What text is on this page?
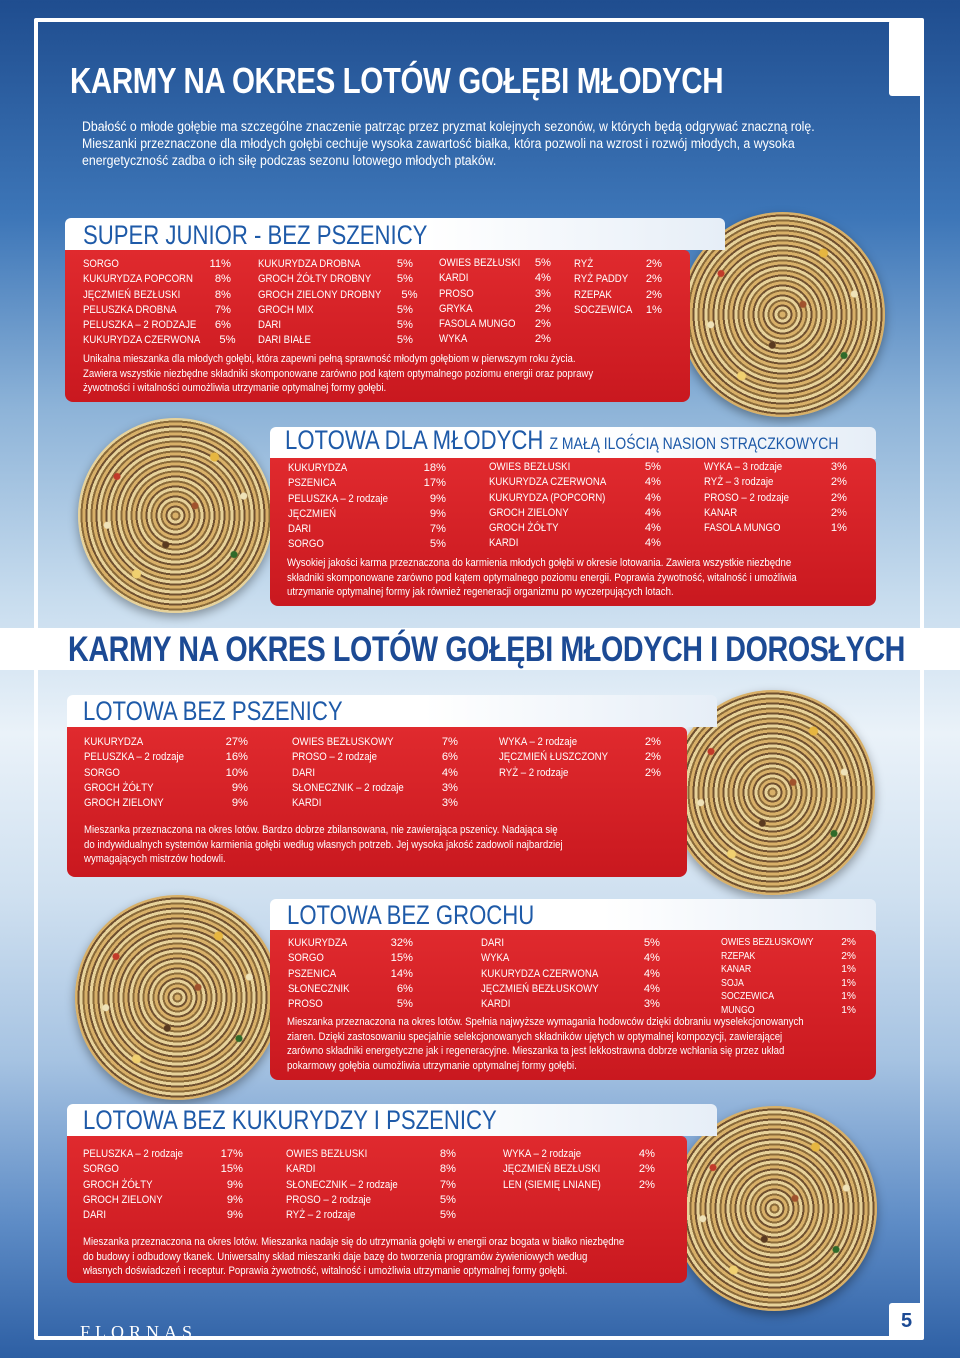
KARMY NA OKRES LOTÓW GOŁĘBI MŁODYCH
Dbałość o młode gołębie ma szczególne znaczenie patrząc przez pryzmat kolejnych sezonów, w których będą odgrywać znaczną rolę.
Mieszanki przeznaczone dla młodych gołębi cechuje wysoka zawartość białka, która pozwoli na wzrost i rozwój młodych, a wysoka
energetyczność zadba o ich siłę podczas sezonu lotowego młodych ptaków.
SUPER JUNIOR - BEZ PSZENICY
SORGO	11%
KUKURYDZA POPCORN 8%
JĘCZMIEŃ BEZŁUSKI	8%
PELUSZKA DROBNA	7%
PELUSZKA – 2 RODZAJE 6%
KUKURYDZA CZERWONA 5%
KUKURYDZA DROBNA	5%
GROCH ŻÓŁTY DROBNY 5%
GROCH ZIELONY DROBNY 5%
GROCH MIX	5%
DARI	5%
DARI BIAŁE	5%
OWIES BEZŁUSKI 5%
KARDI	4%
PROSO	3%
GRYKA	2%
FASOLA MUNGO 2%
WYKA	2%
RYŻ	2%
RYŻ PADDY 2%
RZEPAK	2%
SOCZEWICA 1%
Unikalna mieszanka dla młodych gołębi, która zapewni pełną sprawność młodym gołębiom w pierwszym roku życia.
Zawiera wszystkie niezbędne składniki skomponowane zarówno pod kątem optymalnego poziomu energii oraz poprawy
żywotności i witalności oumożliwia utrzymanie optymalnej formy gołębi.
LOTOWA DLA MŁODYCH Z MAŁĄ ILOŚCIĄ NASION STRĄCZKOWYCH
KUKURYDZA	18%
PSZENICA	17%
PELUSZKA – 2 rodzaje	9%
JĘCZMIEŃ	9%
DARI	7%
SORGO	5%
OWIES BEZŁUSKI	5%
KUKURYDZA CZERWONA	4%
KUKURYDZA (POPCORN)	4%
GROCH ZIELONY	4%
GROCH ŻÓŁTY	4%
KARDI	4%
WYKA – 3 rodzaje	3%
RYŻ – 3 rodzaje	2%
PROSO – 2 rodzaje	2%
KANAR	2%
FASOLA MUNGO	1%
Wysokiej jakości karma przeznaczona do karmienia młodych gołębi w okresie lotowania. Zawiera wszystkie niezbędne
składniki skomponowane zarówno pod kątem optymalnego poziomu energii. Poprawia żywotność, witalność i umożliwia
utrzymanie optymalnej formy jak również regeneracji organizmu po wyczerpujących lotach.
KARMY NA OKRES LOTÓW GOŁĘBI MŁODYCH I DOROSŁYCH
LOTOWA BEZ PSZENICY
KUKURYDZA	27%
PELUSZKA – 2 rodzaje	16%
SORGO	10%
GROCH ŻÓŁTY	9%
GROCH ZIELONY	9%
OWIES BEZŁUSKOWY	7%
PROSO – 2 rodzaje	6%
DARI	4%
SŁONECZNIK – 2 rodzaje	3%
KARDI	3%
WYKA – 2 rodzaje	2%
JĘCZMIEŃ ŁUSZCZONY	2%
RYŻ – 2 rodzaje	2%
Mieszanka przeznaczona na okres lotów. Bardzo dobrze zbilansowana, nie zawierająca pszenicy. Nadająca się
do indywidualnych systemów karmienia gołębi według własnych potrzeb. Jej wysoka jakość zadowoli najbardziej
wymagających mistrzów hodowli.
LOTOWA BEZ GROCHU
KUKURYDZA	32%
SORGO	15%
PSZENICA	14%
SŁONECZNIK	6%
PROSO	5%
DARI	5%
WYKA	4%
KUKURYDZA CZERWONA	4%
JĘCZMIEŃ BEZŁUSKOWY	4%
KARDI	3%
OWIES BEZŁUSKOWY	2%
RZEPAK	2%
KANAR	1%
SOJA	1%
SOCZEWICA	1%
MUNGO	1%
Mieszanka przeznaczona na okres lotów. Spełnia najwyższe wymagania hodowców dzięki dobraniu wyselekcjonowanych
ziaren. Dzięki zastosowaniu specjalnie selekcjonowanych składników ujętych w optymalnej kompozycji, zawierającej
zarówno składniki energetyczne jak i regeneracyjne. Mieszanka ta jest lekkostrawna dobrze wchłania się przez układ
pokarmowy gołębia oumożliwia utrzymanie optymalnej formy gołębi.
LOTOWA BEZ KUKURYDZY I PSZENICY
PELUSZKA – 2 rodzaje	17%
SORGO	15%
GROCH ŻÓŁTY	9%
GROCH ZIELONY	9%
DARI	9%
OWIES BEZŁUSKI	8%
KARDI	8%
SŁONECZNIK – 2 rodzaje	7%
PROSO – 2 rodzaje	5%
RYŻ – 2 rodzaje	5%
WYKA – 2 rodzaje	4%
JĘCZMIEŃ BEZŁUSKI	2%
LEN (SIEMIĘ LNIANE)	2%
Mieszanka przeznaczona na okres lotów. Mieszanka nadaje się do utrzymania gołębi w energii oraz bogata w białko niezbędne
do budowy i odbudowy tkanek. Uniwersalny skład mieszanki daje bazę do tworzenia programów żywieniowych według
własnych doświadczeń i receptur. Poprawia żywotność, witalność i umożliwia utrzymanie optymalnej formy gołębi.
FLORNAS	5
